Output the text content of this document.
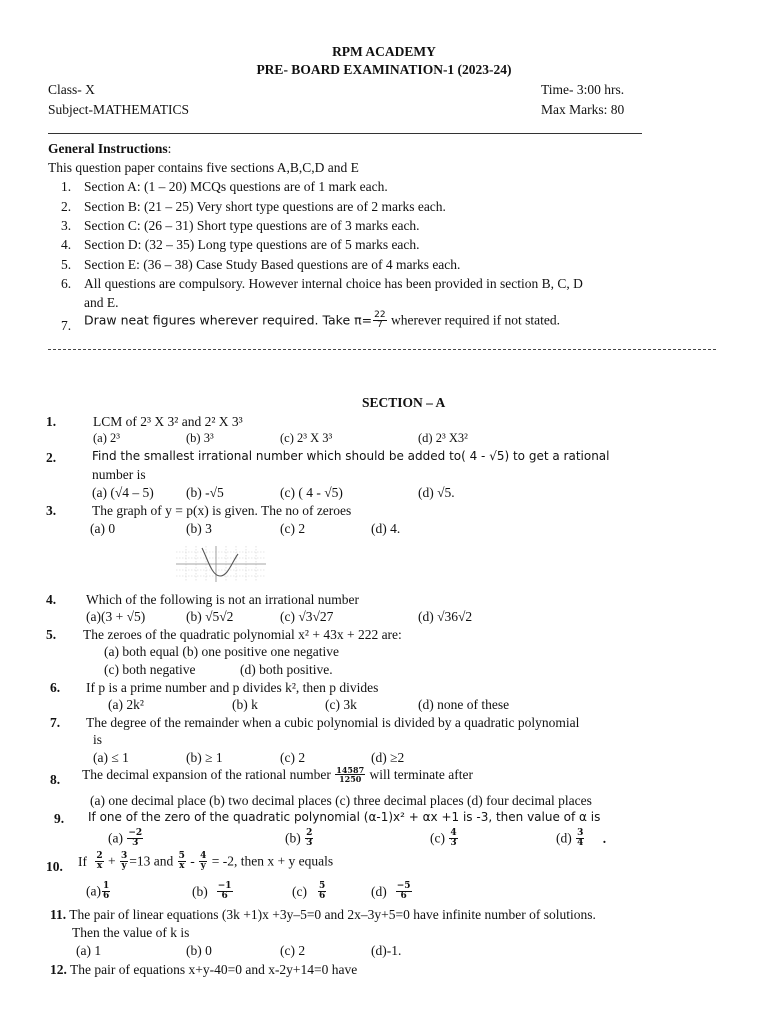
RPM ACADEMY
PRE- BOARD EXAMINATION-1 (2023-24)
Class- X	Time- 3:00 hrs.
Subject-MATHEMATICS	Max Marks: 80
General Instructions:
This question paper contains five sections A,B,C,D and E
1. Section A: (1 – 20) MCQs questions are of 1 mark each.
2. Section B: (21 – 25) Very short type questions are of 2 marks each.
3. Section C: (26 – 31) Short type questions are of 3 marks each.
4. Section D: (32 – 35) Long type questions are of 5 marks each.
5. Section E: (36 – 38) Case Study Based questions are of 4 marks each.
6. All questions are compulsory. However internal choice has been provided in section B, C, D
and E.
7. Draw neat figures wherever required. Take $\pi= \frac{22}{7}$ wherever required if not stated.
SECTION – A
1.	LCM of 2³ X 3² and 2² X 3³
(a) 2³	(b) 3³	(c) 2³ X 3³	(d) 2³ X3²
2.	Find the smallest irrational number which should be added to( 4 - √5) to get a rational
number is
(a) (√4 – 5) (b) -√5	(c) ( 4 - √5)	(d) √5.
3.	The graph of y = p(x) is given. The no of zeroes
(a) 0	(b) 3	(c) 2	(d) 4.
4. Which of the following is not an irrational number
(a)(3 + √5)	(b) √5√2	(c) √3√27	(d) √36√2
5. The zeroes of the quadratic polynomial x² + 43x + 222 are:
(a) both equal (b) one positive one negative
(c) both negative	(d) both positive.
6. If p is a prime number and p divides k², then p divides
(a) 2k²	(b) k	(c) 3k	(d) none of these
7. The degree of the remainder when a cubic polynomial is divided by a quadratic polynomial
is
(a) ≤ 1	(b) ≥ 1	(c) 2	(d) ≥2
8. The decimal expansion of the rational number $\frac{14587}{1250}$ will terminate after
(a) one decimal place (b) two decimal places (c) three decimal places (d) four decimal places
9. If one of the zero of the quadratic polynomial (α-1)x² + αx +1 is -3, then value of α is
$(a) \frac{-2}{3}$	$(b) \frac{2}{3}$	$(c) \frac{4}{3}$	$(d) \frac{3}{4}$ .
10. If $\frac{2}{x} + \frac{3}{y} =13$ and $\frac{5}{x} - \frac{4}{y} = -2$, then x + y equals
$(a) \frac{1}{6}$	$(b) \frac{-1}{6}$	$(c) \frac{5}{6}$	$(d) \frac{-5}{6}$
11. The pair of linear equations (3k +1)x +3y–5=0 and 2x–3y+5=0 have infinite number of solutions.
Then the value of k is
(a) 1	(b) 0	(c) 2	(d)-1.
12. The pair of equations x+y-40=0 and x-2y+14=0 have
